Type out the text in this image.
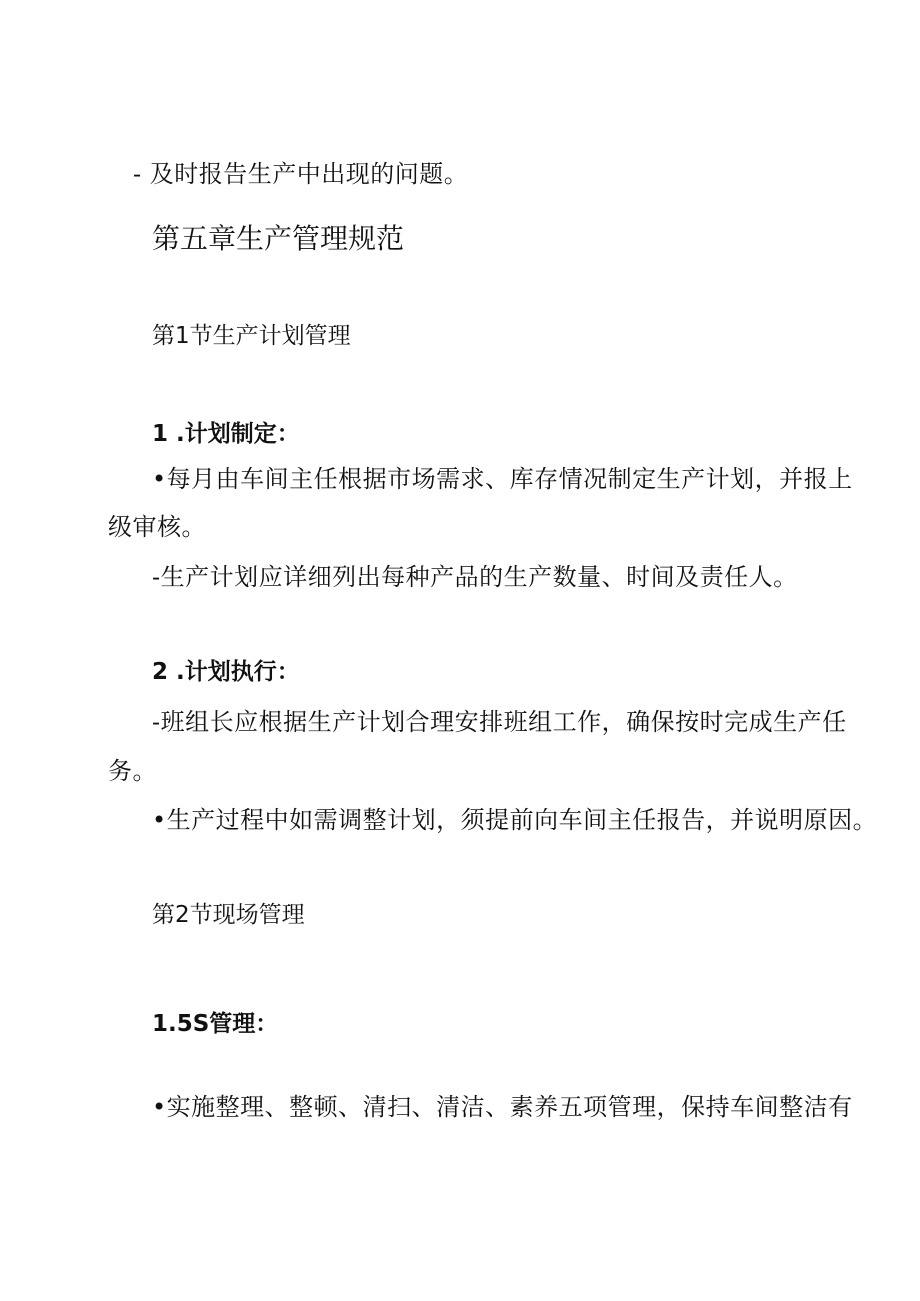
- 及时报告生产中出现的问题。

第五章生产管理规范
第1节生产计划管理
1 .计划制定：

•每月由车间主任根据市场需求、库存情况制定生产计划，并报上

级审核。

-生产计划应详细列出每种产品的生产数量、时间及责任人。

2 .计划执行：

-班组长应根据生产计划合理安排班组工作，确保按时完成生产任

务。

•生产过程中如需调整计划，须提前向车间主任报告，并说明原因。

第2节现场管理
1.5S管理：

•实施整理、整顿、清扫、清洁、素养五项管理，保持车间整洁有
